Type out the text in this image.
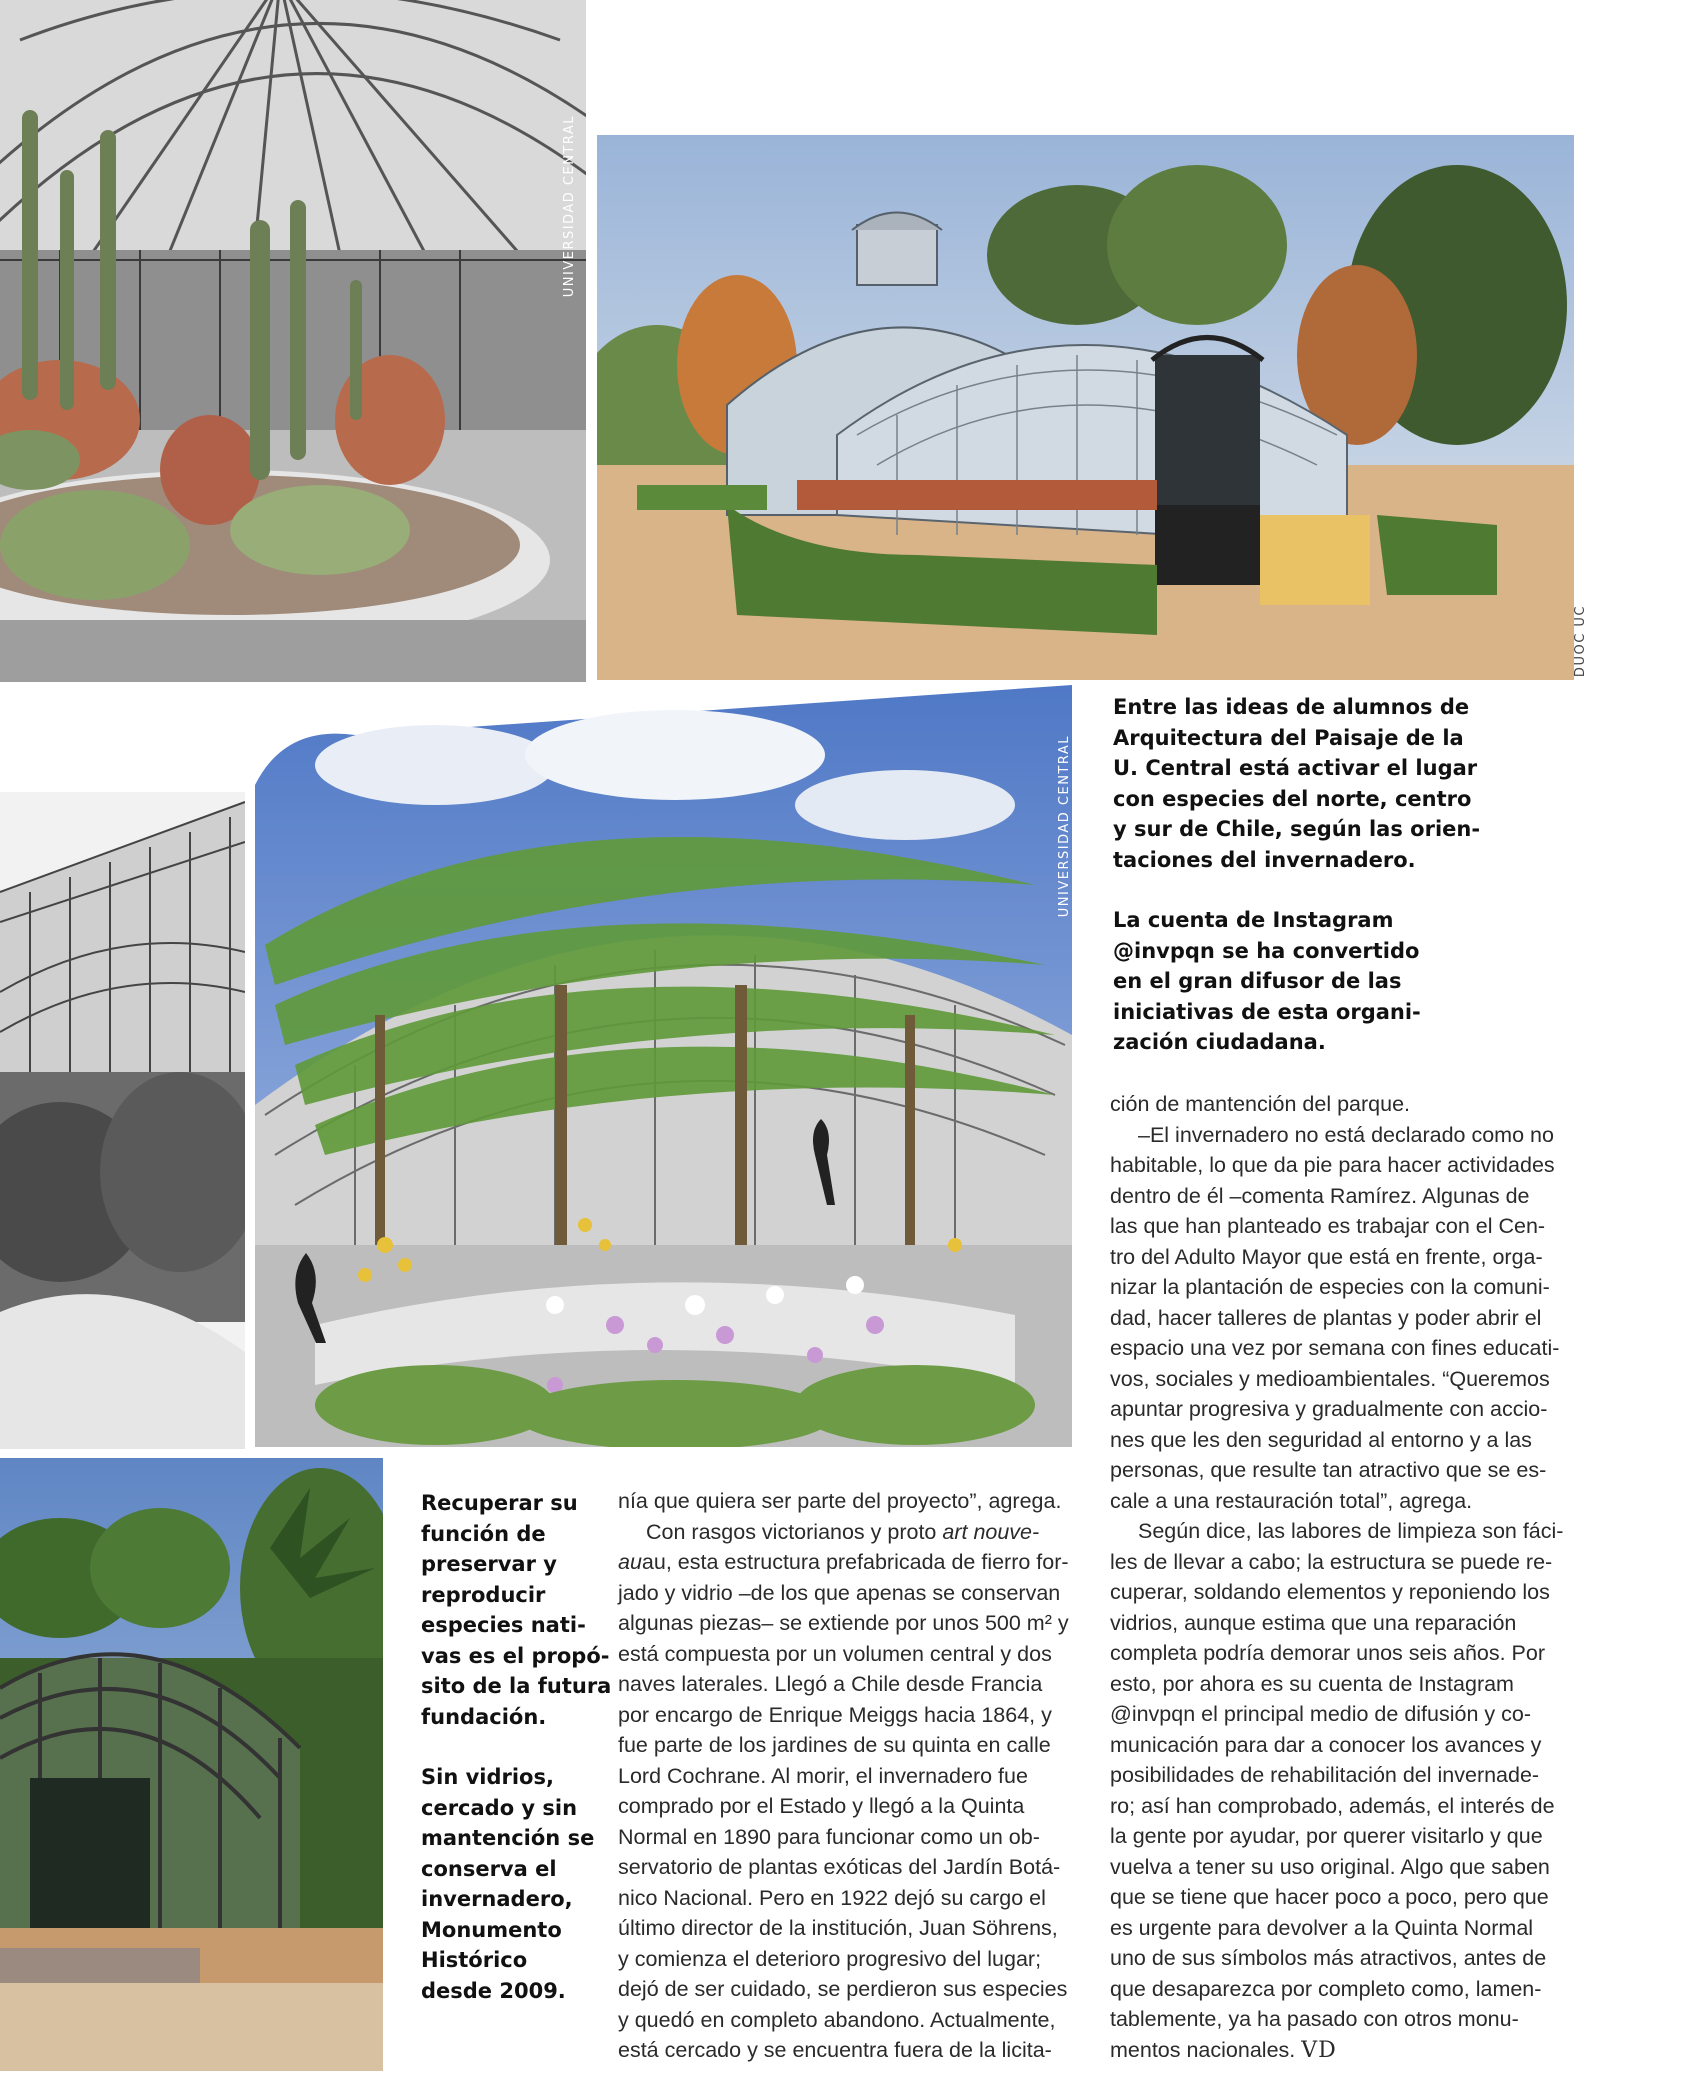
UNIVERSIDAD CENTRAL
DUOC UC
UNIVERSIDAD CENTRAL
Entre las ideas de alumnos de
Arquitectura del Paisaje de la
U. Central está activar el lugar
con especies del norte, centro
y sur de Chile, según las orien-
taciones del invernadero.
La cuenta de Instagram
@invpqn se ha convertido
en el gran difusor de las
iniciativas de esta organi-
zación ciudadana.
Recuperar su
función de
preservar y
reproducir
especies nati-
vas es el propó-
sito de la futura
fundación.
Sin vidrios,
cercado y sin
mantención se
conserva el
invernadero,
Monumento
Histórico
desde 2009.
nía que quiera ser parte del proyecto”, agrega.
Con rasgos victorianos y proto art nouve-
auau, esta estructura prefabricada de fierro for-
jado y vidrio –de los que apenas se conservan
algunas piezas– se extiende por unos 500 m² y
está compuesta por un volumen central y dos
naves laterales. Llegó a Chile desde Francia
por encargo de Enrique Meiggs hacia 1864, y
fue parte de los jardines de su quinta en calle
Lord Cochrane. Al morir, el invernadero fue
comprado por el Estado y llegó a la Quinta
Normal en 1890 para funcionar como un ob-
servatorio de plantas exóticas del Jardín Botá-
nico Nacional. Pero en 1922 dejó su cargo el
último director de la institución, Juan Söhrens,
y comienza el deterioro progresivo del lugar;
dejó de ser cuidado, se perdieron sus especies
y quedó en completo abandono. Actualmente,
está cercado y se encuentra fuera de la licita-
ción de mantención del parque.
–El invernadero no está declarado como no
habitable, lo que da pie para hacer actividades
dentro de él –comenta Ramírez. Algunas de
las que han planteado es trabajar con el Cen-
tro del Adulto Mayor que está en frente, orga-
nizar la plantación de especies con la comuni-
dad, hacer talleres de plantas y poder abrir el
espacio una vez por semana con fines educati-
vos, sociales y medioambientales. “Queremos
apuntar progresiva y gradualmente con accio-
nes que les den seguridad al entorno y a las
personas, que resulte tan atractivo que se es-
cale a una restauración total”, agrega.
Según dice, las labores de limpieza son fáci-
les de llevar a cabo; la estructura se puede re-
cuperar, soldando elementos y reponiendo los
vidrios, aunque estima que una reparación
completa podría demorar unos seis años. Por
esto, por ahora es su cuenta de Instagram
@invpqn el principal medio de difusión y co-
municación para dar a conocer los avances y
posibilidades de rehabilitación del invernade-
ro; así han comprobado, además, el interés de
la gente por ayudar, por querer visitarlo y que
vuelva a tener su uso original. Algo que saben
que se tiene que hacer poco a poco, pero que
es urgente para devolver a la Quinta Normal
uno de sus símbolos más atractivos, antes de
que desaparezca por completo como, lamen-
tablemente, ya ha pasado con otros monu-
mentos nacionales. VD
